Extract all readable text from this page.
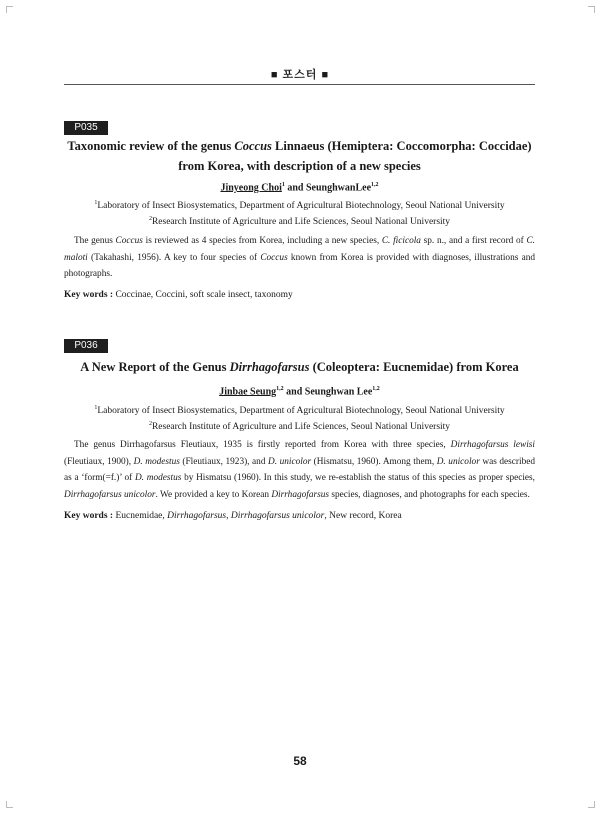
■ 포스터 ■
P035
Taxonomic review of the genus Coccus Linnaeus (Hemiptera: Coccomorpha: Coccidae)
from Korea, with description of a new species
Jinyeong Choi$^1$ and SeunghwanLee$^{1,2}$
$^1$Laboratory of Insect Biosystematics, Department of Agricultural Biotechnology, Seoul National University
$^2$Research Institute of Agriculture and Life Sciences, Seoul National University

The genus Coccus is reviewed as 4 species from Korea, including a new species, C. ficicola sp. n., and a first record of C. maloti (Takahashi, 1956). A key to four species of Coccus known from Korea is provided with diagnoses, illustrations and photographs.

Key words : Coccinae, Coccini, soft scale insect, taxonomy
P036
A New Report of the Genus Dirrhagofarsus (Coleoptera: Eucnemidae) from Korea
Jinbae Seung$^{1,2}$ and Seunghwan Lee$^{1,2}$
$^1$Laboratory of Insect Biosystematics, Department of Agricultural Biotechnology, Seoul National University
$^2$Research Institute of Agriculture and Life Sciences, Seoul National University

The genus Dirrhagofarsus Fleutiaux, 1935 is firstly reported from Korea with three species, Dirrhagofarsus lewisi (Fleutiaux, 1900), D. modestus (Fleutiaux, 1923), and D. unicolor (Hismatsu, 1960). Among them, D. unicolor was described as a ‘form(=f.)’ of D. modestus by Hismatsu (1960). In this study, we re-establish the status of this species as proper species, Dirrhagofarsus unicolor. We provided a key to Korean Dirrhagofarsus species, diagnoses, and photographs for each species.

Key words : Eucnemidae, Dirrhagofarsus, Dirrhagofarsus unicolor, New record, Korea
58
